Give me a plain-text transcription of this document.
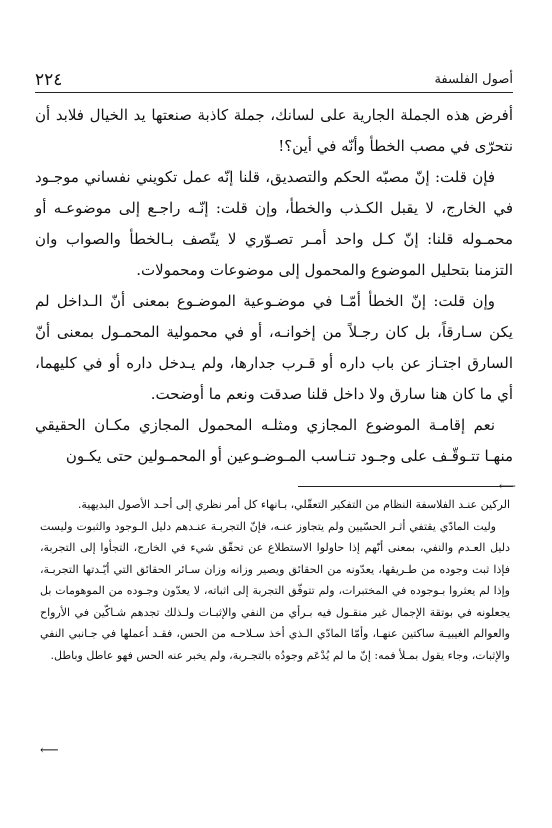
٢٢٤	أصول الفلسفة

أفرض هذه الجملة الجارية على لسانك، جملة كاذبة صنعتها يد الخيال فلابد أن نتحرّى في مصب الخطأ وأنّه في أين؟!

فإن قلت: إنّ مصبّه الحكم والتصديق، قلنا إنّه عمل تكويني نفساني موجـود في الخارج، لا يقبل الكـذب والخطأ، وإن قلت: إنّـه راجـع إلى موضوعـه أو محمـوله قلنا: إنّ كـل واحد أمـر تصـوّري لا يتّصف بـالخطأ والصواب وان التزمنا بتحليل الموضوع والمحمول إلى موضوعات ومحمولات.

وإن قلت: إنّ الخطأ أمّـا في موضـوعية الموضـوع بمعنى أنّ الـداخل لم يكن سـارقاً، بل كان رجـلاً من إخوانـه، أو في محمولية المحمـول بمعنى أنّ السارق اجتـاز عن باب داره أو قـرب جدارها، ولم يـدخل داره أو في كليهما، أي ما كان هنا سارق ولا داخل قلنا صدقت ونعم ما أوضحت.

نعم إقامـة الموضوع المجازي ومثلـه المحمول المجازي مكـان الحقيقي منهـا تتـوقّـف على وجـود تنـاسب المـوضـوعين أو المحمـولين حتى يكـون

⟵

الركين عنـد الفلاسفة النظام من التفكير التعقّلي، بـانهاء كل أمر نظري إلى أحـد الأصول البديهية.

وليت المادّي يقتفي أثـر الحسّيين ولم يتجاوز عنـه، فإنّ التجربـة عنـدهم دليل الـوجود والثبوت وليست دليل العـدم والنفي، بمعنى أنّهم إذا حاولوا الاستطلاع عن تحقّق شيء في الخارج، التجأوا إلى التجربة، فإذا ثبت وجوده من طـريقها، يعدّونه من الحقائق ويصير وزانه وزان سـائر الحقائق التي أيّـدتها التجربـة، وإذا لم يعثروا بـوجوده في المختبرات، ولم تتوفّق التجربة إلى اثباته، لا يعدّون وجـوده من الموهومات بل يجعلونه في بوتقة الإجمال غير منقـول فيه بـرأي من النفي والإثبـات ولـذلك تجدهم شـاكّين في الأرواح والعوالم الغيبيـة ساكتين عنهـا، وأمّا المادّي الـذي أخذ سـلاحـه من الحس، فقـد أعملها في جـانبي النفي والإثبات، وجاء يقول بمـلأ فمه: إنّ ما لم يُدْعَم وجودُه بالتجـربة، ولم يخبر عنه الحس فهو عاطل وباطل.

⟵
